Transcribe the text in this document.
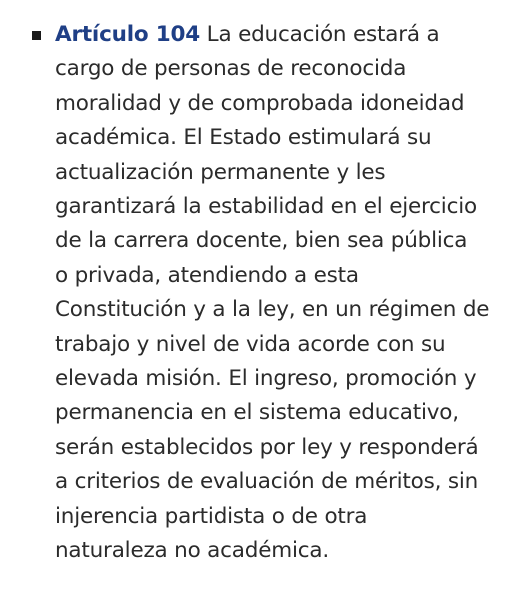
Artículo 104 La educación estará a
cargo de personas de reconocida
moralidad y de comprobada idoneidad
académica. El Estado estimulará su
actualización permanente y les
garantizará la estabilidad en el ejercicio
de la carrera docente, bien sea pública
o privada, atendiendo a esta
Constitución y a la ley, en un régimen de
trabajo y nivel de vida acorde con su
elevada misión. El ingreso, promoción y
permanencia en el sistema educativo,
serán establecidos por ley y responderá
a criterios de evaluación de méritos, sin
injerencia partidista o de otra
naturaleza no académica.
